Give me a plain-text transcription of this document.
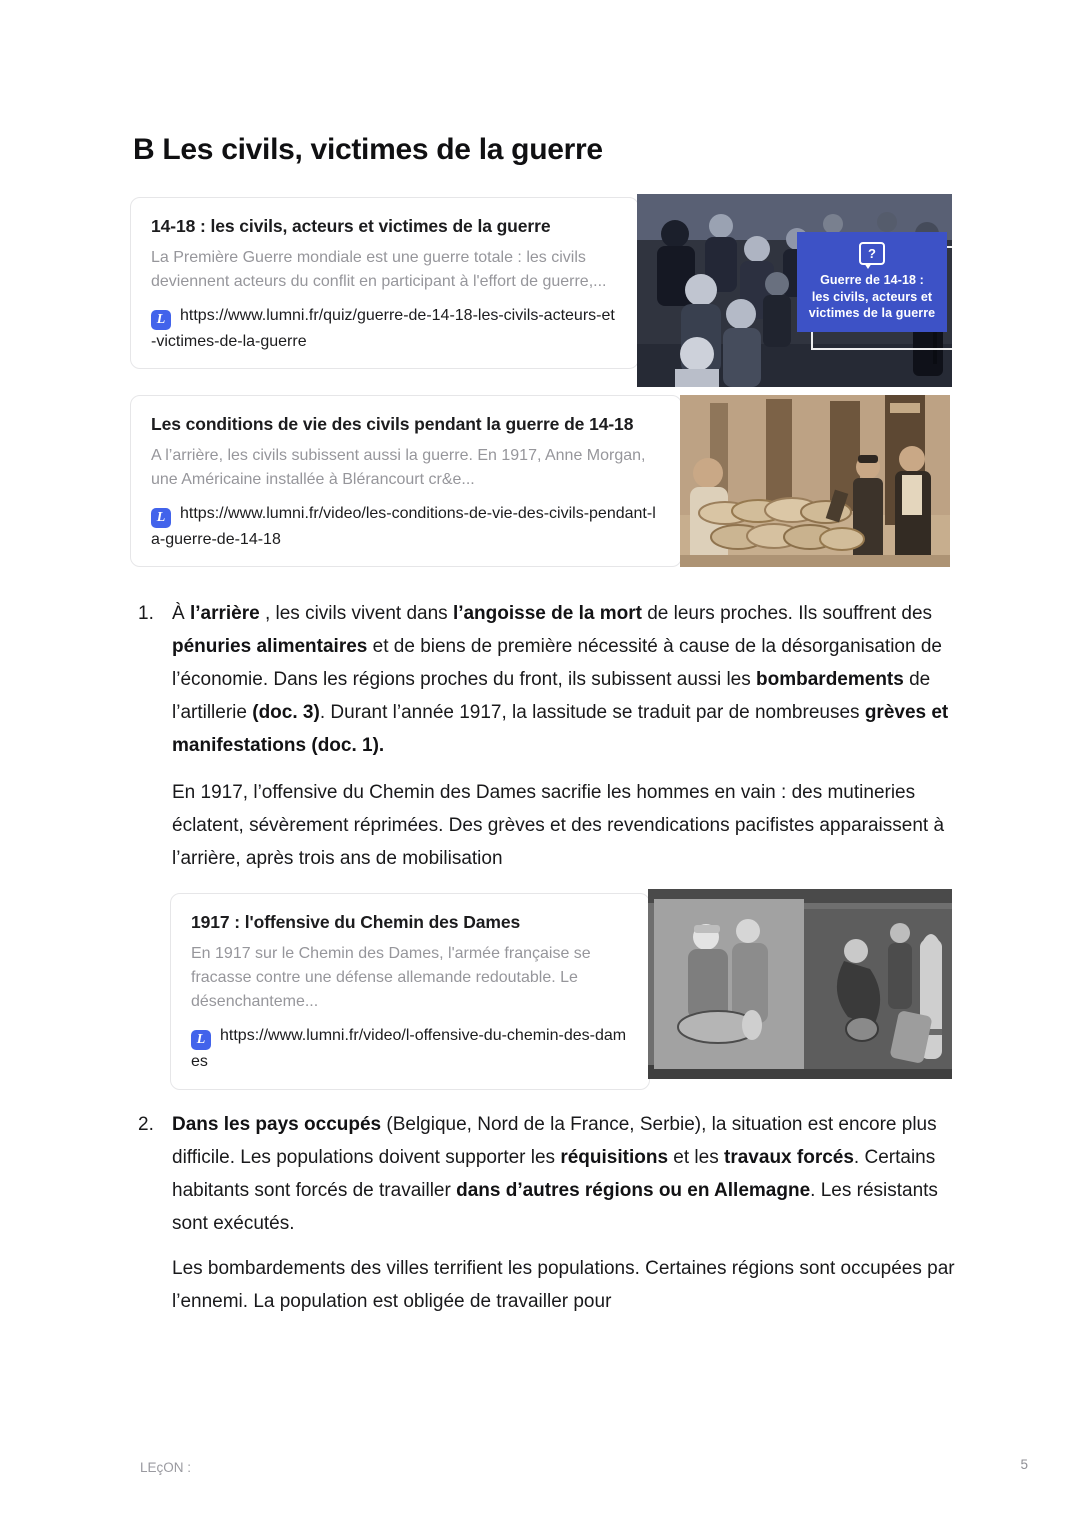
B Les civils, victimes de la guerre

14-18 : les civils, acteurs et victimes de la guerre

La Première Guerre mondiale est une guerre totale : les civils deviennent acteurs du conflit en participant à l'effort de guerre,...

L https://www.lumni.fr/quiz/guerre-de-14-18-les-civils-acteurs-et-victimes-de-la-guerre
?
Guerre de 14-18 :
les civils, acteurs et
victimes de la guerre

Les conditions de vie des civils pendant la guerre de 14-18

A l’arrière, les civils subissent aussi la guerre. En 1917, Anne Morgan, une Américaine installée à Blérancourt cr&e...

L https://www.lumni.fr/video/les-conditions-de-vie-des-civils-pendant-la-guerre-de-14-18
1. À l’arrière , les civils vivent dans l’angoisse de la mort de leurs proches. Ils souffrent des pénuries alimentaires et de biens de première nécessité à cause de la désorganisation de l’économie. Dans les régions proches du front, ils subissent aussi les bombardements de l’artillerie (doc. 3). Durant l’année 1917, la lassitude se traduit par de nombreuses grèves et manifestations (doc. 1).

En 1917, l’offensive du Chemin des Dames sacrifie les hommes en vain : des mutineries éclatent, sévèrement réprimées. Des grèves et des revendications pacifistes apparaissent à l’arrière, après trois ans de mobilisation

1917 : l'offensive du Chemin des Dames

En 1917 sur le Chemin des Dames, l'armée française se fracasse contre une défense allemande redoutable. Le désenchanteme...

L https://www.lumni.fr/video/l-offensive-du-chemin-des-dames
2. Dans les pays occupés (Belgique, Nord de la France, Serbie), la situation est encore plus difficile. Les populations doivent supporter les réquisitions et les travaux forcés. Certains habitants sont forcés de travailler dans d’autres régions ou en Allemagne. Les résistants sont exécutés.

Les bombardements des villes terrifient les populations. Certaines régions sont occupées par l’ennemi. La population est obligée de travailler pour

LEçON :	5
